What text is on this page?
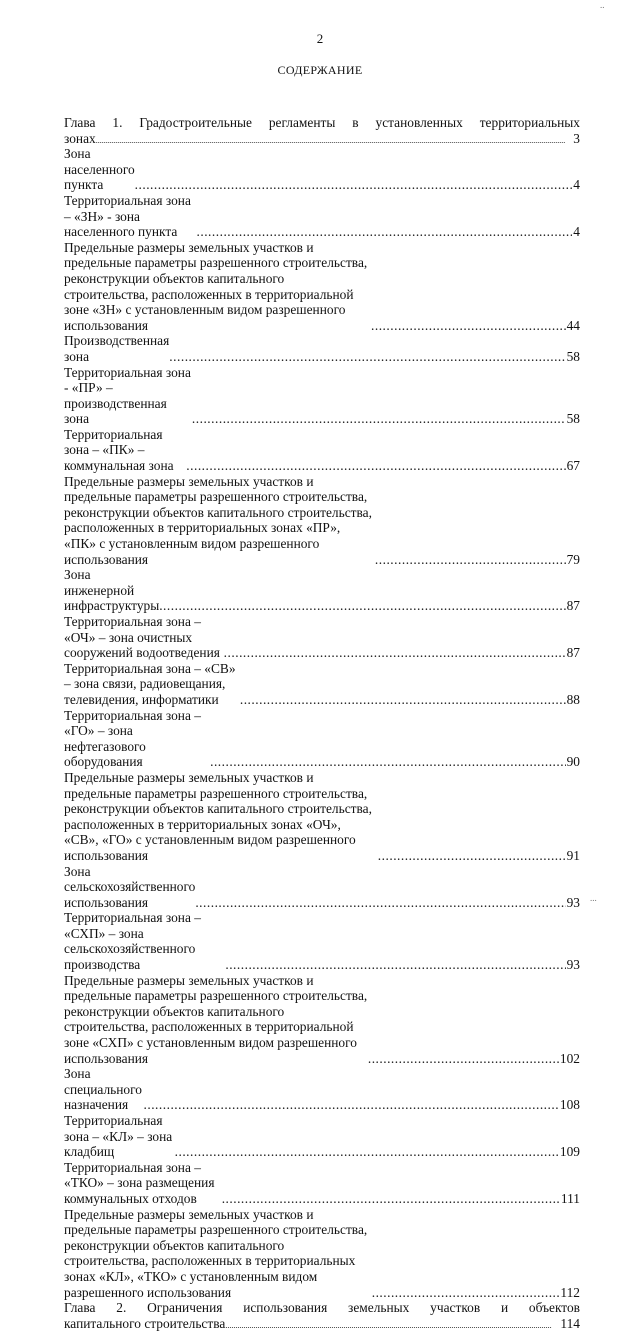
2
СОДЕРЖАНИЕ
Глава 1. Градостроительные регламенты в установленных территориальных
зонах .....	3
Зона населенного пункта .....	4
Территориальная зона – «ЗН» - зона населенного пункта .....	4
Предельные размеры земельных участков и предельные параметры разрешенного строительства, реконструкции объектов капитального строительства, расположенных в территориальной зоне «ЗН» с установленным видом разрешенного использования .....	44
Производственная зона .....	58
Территориальная зона - «ПР» – производственная зона .....	58
Территориальная зона – «ПК» – коммунальная зона .....	67
Предельные размеры земельных участков и предельные параметры разрешенного строительства, реконструкции объектов капитального строительства, расположенных в территориальных зонах «ПР», «ПК» с установленным видом разрешенного использования .....	79
Зона инженерной инфраструктуры .....	87
Территориальная зона – «ОЧ» – зона очистных сооружений водоотведения .....	87
Территориальная зона – «СВ» – зона связи, радиовещания, телевидения, информатики .....	88
Территориальная зона – «ГО» – зона нефтегазового оборудования .....	90
Предельные размеры земельных участков и предельные параметры разрешенного строительства, реконструкции объектов капитального строительства, расположенных в территориальных зонах «ОЧ», «СВ», «ГО» с установленным видом разрешенного использования .....	91
Зона сельскохозяйственного использования .....	93
Территориальная зона – «СХП» – зона сельскохозяйственного производства .....	93
Предельные размеры земельных участков и предельные параметры разрешенного строительства, реконструкции объектов капитального строительства, расположенных в территориальной зоне «СХП» с установленным видом разрешенного использования .....	102
Зона специального назначения .....	108
Территориальная зона – «КЛ» – зона кладбищ .....	109
Территориальная зона – «ТКО» – зона размещения коммунальных отходов .....	111
Предельные размеры земельных участков и предельные параметры разрешенного строительства, реконструкции объектов капитального строительства, расположенных в территориальных зонах «КЛ», «ТКО» с установленным видом разрешенного использования .....	112
Глава 2. Ограничения использования земельных участков и объектов
капитального строительства .....	114
..
...
